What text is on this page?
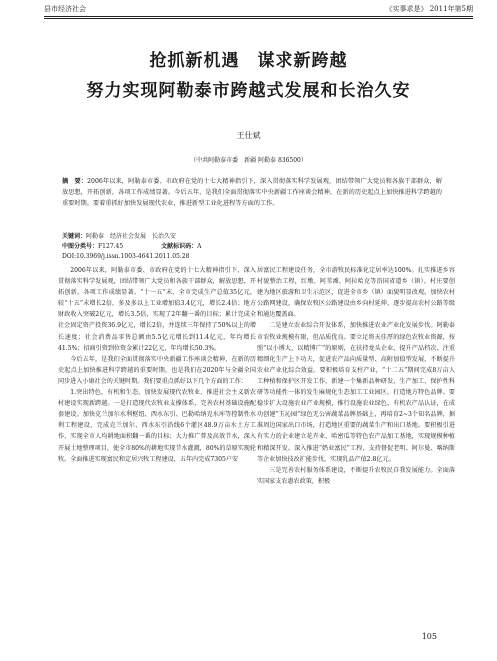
县市经济社会	《实事求是》 2011年第5期
抢抓新机遇　谋求新跨越
努力实现阿勒泰市跨越式发展和长治久安
王仕斌
（中共阿勒泰市委　新疆 阿勒泰 836500）
摘　要：2006年以来，阿勒泰市委、市政府在党的十七大精神指引下，深入贯彻落实科学发展观，团结带领广大党员和各族干部群众，解放思想，开拓创新，各项工作成绩显著。今后五年，是我们全面贯彻落实中央新疆工作座谈会精神，在新的历史起点上加快推进科学跨越的重要时期。要着重抓好加快发展现代农业，推进新型工业化进程等方面的工作。
关键词：阿勒泰　经济社会发展　长治久安
中图分类号：F127.45	文献标识码：A
DOI:10.3969/j.issn.1003-4641.2011.05.28

2006年以来，阿勒泰市委、市政府在党的十七大精神指引下，深入贯彻落实科学发展观，团结带领广大党员和各族干部群众，解放思想，开拓创新，各项工作成绩显著。“十一五”末，全市完成生产总值35亿元，较“十五”末增长2倍，多及多以上工业增加值3.4亿元，增长2.4倍；地方财政收入突破2亿元，增长3.5倍，实现了2年翻一番的目标；累计完成全社会固定资产投资36.9亿元，增长2倍，并连续三年保持了50%以上的增长速度；社会消费品零售总额由5.5亿元增长到11.4亿元，年均增长41.5%；招商引资到位资金累计22亿元，年均增长50.3%。

今后五年，是我们全面贯彻落实中央新疆工作座谈会精神，在新的历史起点上加快推进科学跨越的重要时期，也是我们在2020年与全疆全国同步进入小康社会的关键时期。我们要重点抓好以下几个方面的工作：

1.突出特色，有机和生态，加快发展现代农牧业，推进社会主义新农村建设实现新跨越。一是打造现代农牧业支撑体系，完善农村基础设施配套建设。加快克兰加尔水利枢纽、西水东引、巴勒哈纳克水库等控制性水利工程建设，完成克兰加尔、西水东引沿线6个灌区48.9万亩水土方工作，实现全市人均耕地面积翻一番的目标；大力推广普及高效节水，深入开展土地整理项目，使全市80%的耕地实现节水灌溉，80%的草原实现轮牧。全面推进实现富民和定居兴牧工程建设，五年内完成7305户安

居富民工程建设任务，全市游牧民标准化定居率达100%。扎实推进乡容村貌整治工程，红墩、阿苇滩、阿拉哈克等沿国省道乡（镇）、村庄要创建为地区旅游和卫生示范区，促进全市乡（镇）面貌明显改观。加快农村公路网建设，确保农牧区公路建设由乡向村延伸，逐步提高农村公路等级和通达覆盖面。

二是建立农业综合开发体系，加快推进农业产业化发展步伐。阿勒泰市农牧业规模有限，但品质优良。要立足将天佳厚的绿色农牧业资源，按照“以小博大，以精博广”的原则，在扶持龙头企业、提升产品档次、注重精细化生产上下功夫，促进农产品向质量型、高附加值型发展，不断提升农业产业化综合效益。要积极培育支柱产业，“十二五”期间完成8万亩人工种植和保护区开发工作，新建一个集新品种研发、生产加工、保护性科研等功能性一体的发生麻规化生态加工工业园区，打造地方特色品牌。要稳步扩大设施农业产业规模，推行设施农业绿色、有机农产品认证，在成功创建“玉沁园”绿色无公害蔬菜品牌基础上，再培育2~3个知名品牌，据准周边国家出口市场，打造地区重要的蔬菜生产和出口基地。要积极引进有实力的企业建立花卉业、哈密瓜等特色农产品加工基地，实现规模种植和精深开发。深入推进“奶业富民”工程，支持督促老明、阿尔曼、喀纳斯等企业加快技改扩能步伐，实现乳品产值2.8亿元。

三是完善农村服务体系建设，不断提升农牧民自我发展能力。全面落实国家支农惠农政策，积极

105
